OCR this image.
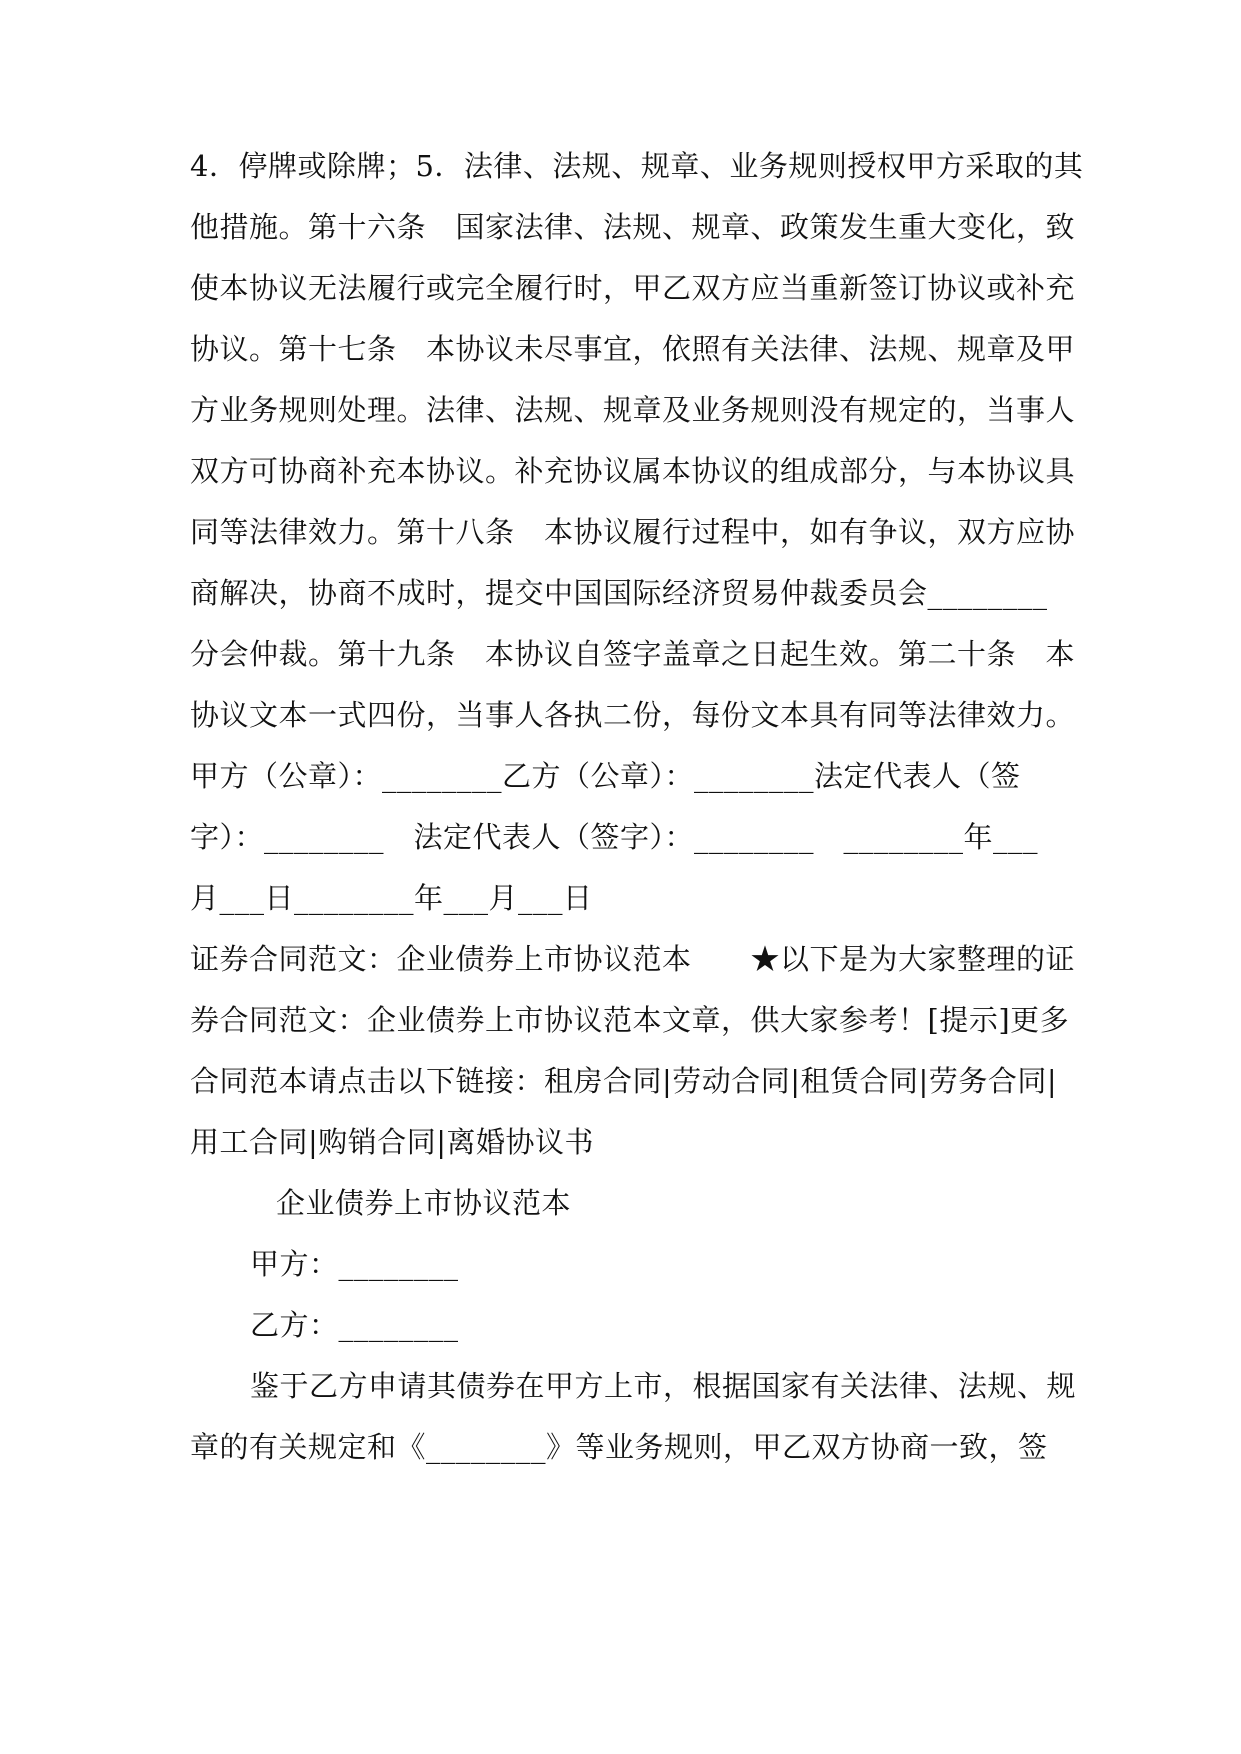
4．停牌或除牌；5．法律、法规、规章、业务规则授权甲方采取的其
他措施。第十六条　国家法律、法规、规章、政策发生重大变化，致
使本协议无法履行或完全履行时，甲乙双方应当重新签订协议或补充
协议。第十七条　本协议未尽事宜，依照有关法律、法规、规章及甲
方业务规则处理。法律、法规、规章及业务规则没有规定的，当事人
双方可协商补充本协议。补充协议属本协议的组成部分，与本协议具
同等法律效力。第十八条　本协议履行过程中，如有争议，双方应协
商解决，协商不成时，提交中国国际经济贸易仲裁委员会________
分会仲裁。第十九条　本协议自签字盖章之日起生效。第二十条　本
协议文本一式四份，当事人各执二份，每份文本具有同等法律效力。
甲方（公章）：________乙方（公章）：________法定代表人（签
字）：________　法定代表人（签字）：________　________年___
月___日________年___月___日
证券合同范文：企业债券上市协议范本　　★以下是为大家整理的证
券合同范文：企业债券上市协议范本文章，供大家参考！[提示]更多
合同范本请点击以下链接：租房合同|劳动合同|租赁合同|劳务合同|
用工合同|购销合同|离婚协议书
企业债券上市协议范本
甲方：________
乙方：________
鉴于乙方申请其债券在甲方上市，根据国家有关法律、法规、规
章的有关规定和《________》等业务规则，甲乙双方协商一致，签
